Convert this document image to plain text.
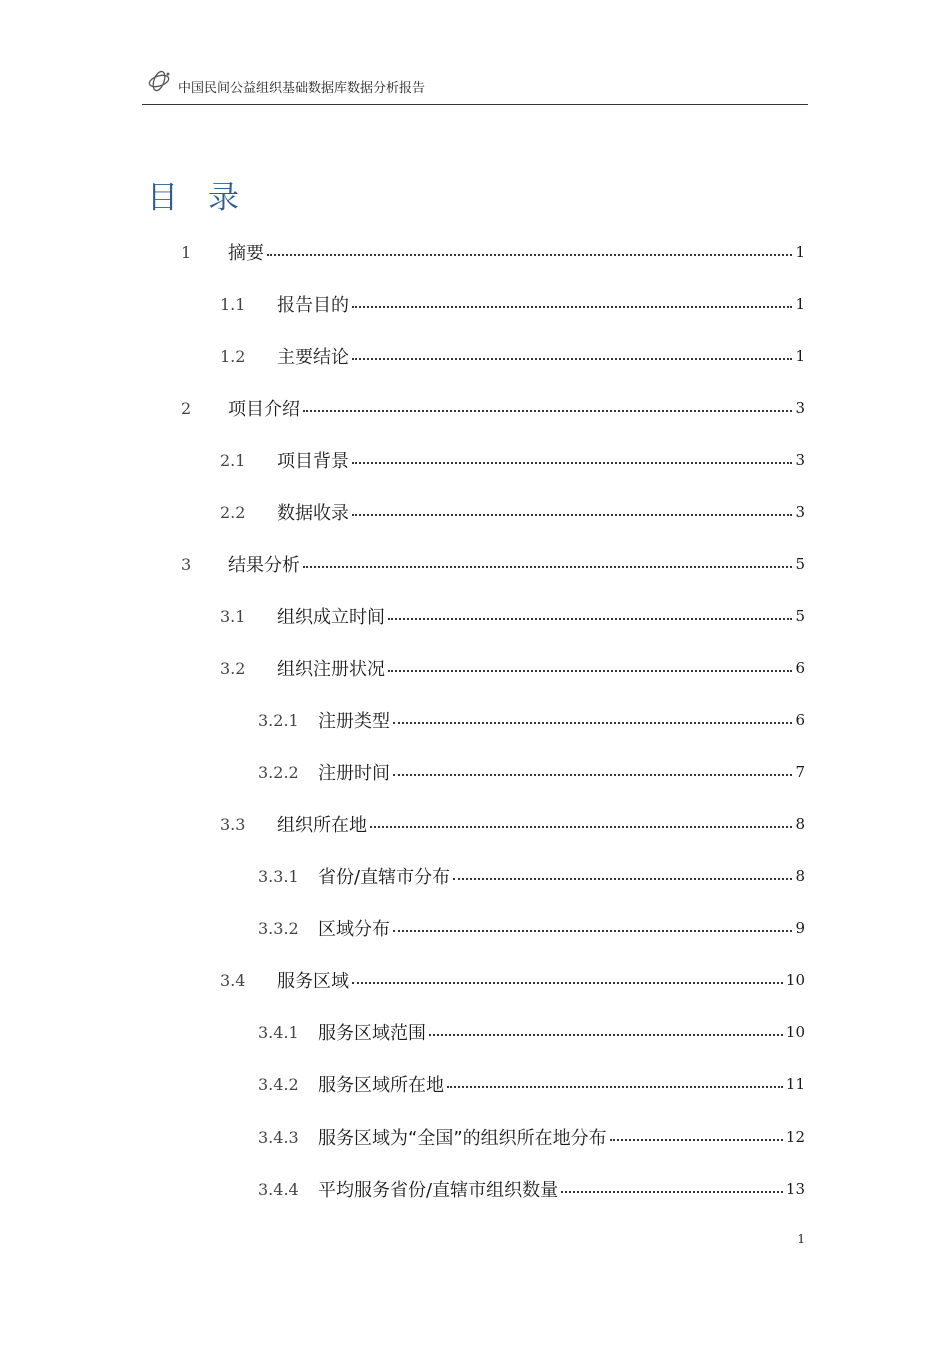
中国民间公益组织基础数据库数据分析报告
目录
1	摘要	1
1.1	报告目的	1
1.2	主要结论	1
2	项目介绍	3
2.1	项目背景	3
2.2	数据收录	3
3	结果分析	5
3.1	组织成立时间	5
3.2	组织注册状况	6
3.2.1	注册类型	6
3.2.2	注册时间	7
3.3	组织所在地	8
3.3.1	省份/直辖市分布	8
3.3.2	区域分布	9
3.4	服务区域	10
3.4.1	服务区域范围	10
3.4.2	服务区域所在地	11
3.4.3	服务区域为“全国”的组织所在地分布	12
3.4.4	平均服务省份/直辖市组织数量	13
1
